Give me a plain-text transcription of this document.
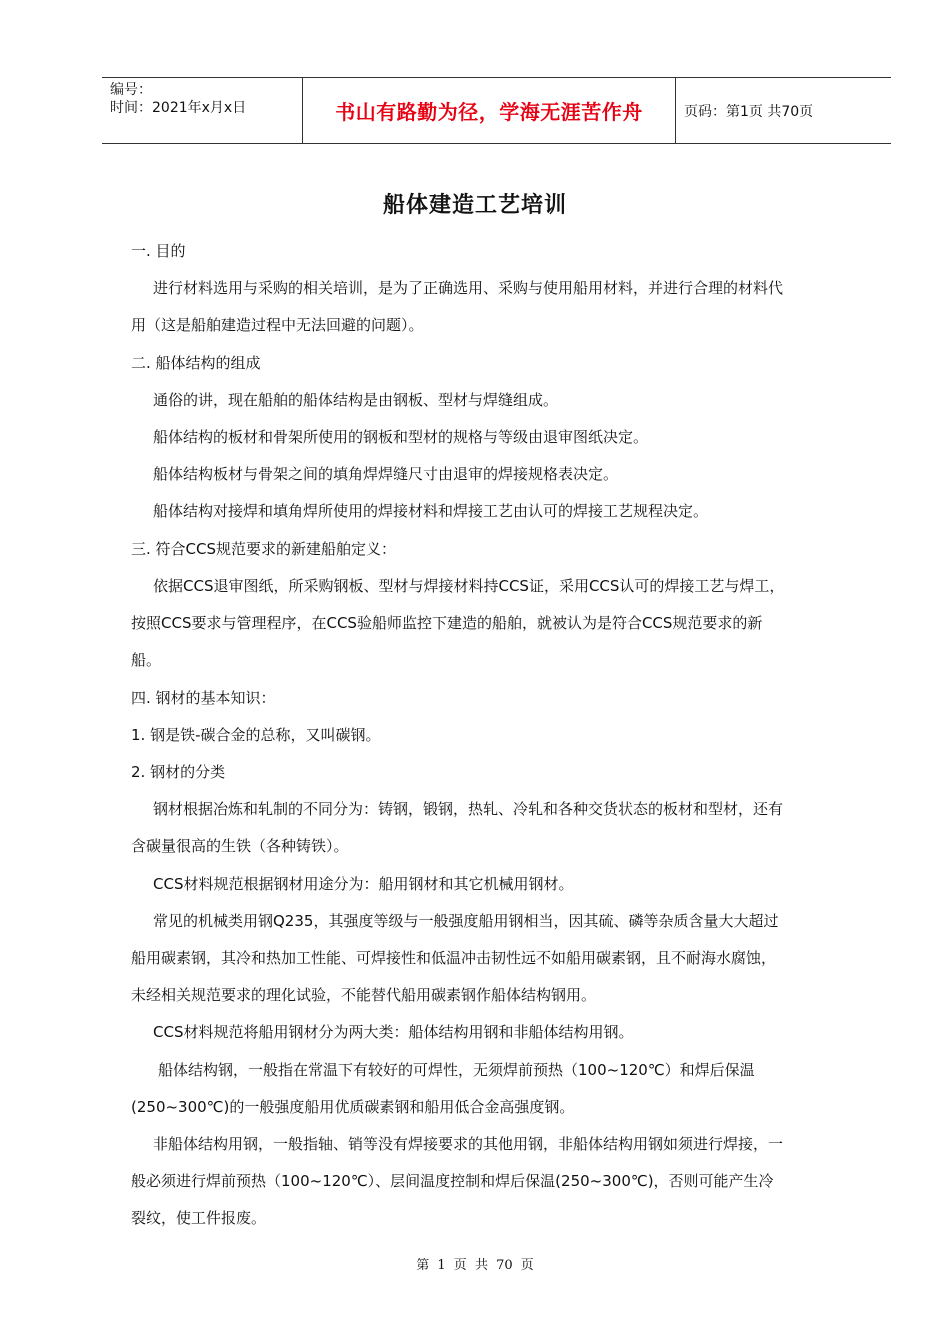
编号：
时间：2021年x月x日	书山有路勤为径，学海无涯苦作舟	页码：第1页 共70页
船体建造工艺培训
一. 目的
进行材料选用与采购的相关培训，是为了正确选用、采购与使用船用材料，并进行合理的材料代
用（这是船舶建造过程中无法回避的问题）。
二. 船体结构的组成
通俗的讲，现在船舶的船体结构是由钢板、型材与焊缝组成。
船体结构的板材和骨架所使用的钢板和型材的规格与等级由退审图纸决定。
船体结构板材与骨架之间的填角焊焊缝尺寸由退审的焊接规格表决定。
船体结构对接焊和填角焊所使用的焊接材料和焊接工艺由认可的焊接工艺规程决定。
三. 符合CCS规范要求的新建船舶定义：
依据CCS退审图纸，所采购钢板、型材与焊接材料持CCS证，采用CCS认可的焊接工艺与焊工，
按照CCS要求与管理程序，在CCS验船师监控下建造的船舶，就被认为是符合CCS规范要求的新
船。
四. 钢材的基本知识：
1. 钢是铁-碳合金的总称，又叫碳钢。
2. 钢材的分类
钢材根据冶炼和轧制的不同分为：铸钢，锻钢，热轧、冷轧和各种交货状态的板材和型材，还有
含碳量很高的生铁（各种铸铁）。
CCS材料规范根据钢材用途分为：船用钢材和其它机械用钢材。
常见的机械类用钢Q235，其强度等级与一般强度船用钢相当，因其硫、磷等杂质含量大大超过
船用碳素钢，其冷和热加工性能、可焊接性和低温冲击韧性远不如船用碳素钢，且不耐海水腐蚀，
未经相关规范要求的理化试验，不能替代船用碳素钢作船体结构钢用。
CCS材料规范将船用钢材分为两大类：船体结构用钢和非船体结构用钢。
船体结构钢，一般指在常温下有较好的可焊性，无须焊前预热（100~120℃）和焊后保温
(250~300℃)的一般强度船用优质碳素钢和船用低合金高强度钢。
非船体结构用钢，一般指轴、销等没有焊接要求的其他用钢，非船体结构用钢如须进行焊接，一
般必须进行焊前预热（100~120℃）、层间温度控制和焊后保温(250~300℃)，否则可能产生冷
裂纹，使工件报废。
第 1 页 共 70 页
